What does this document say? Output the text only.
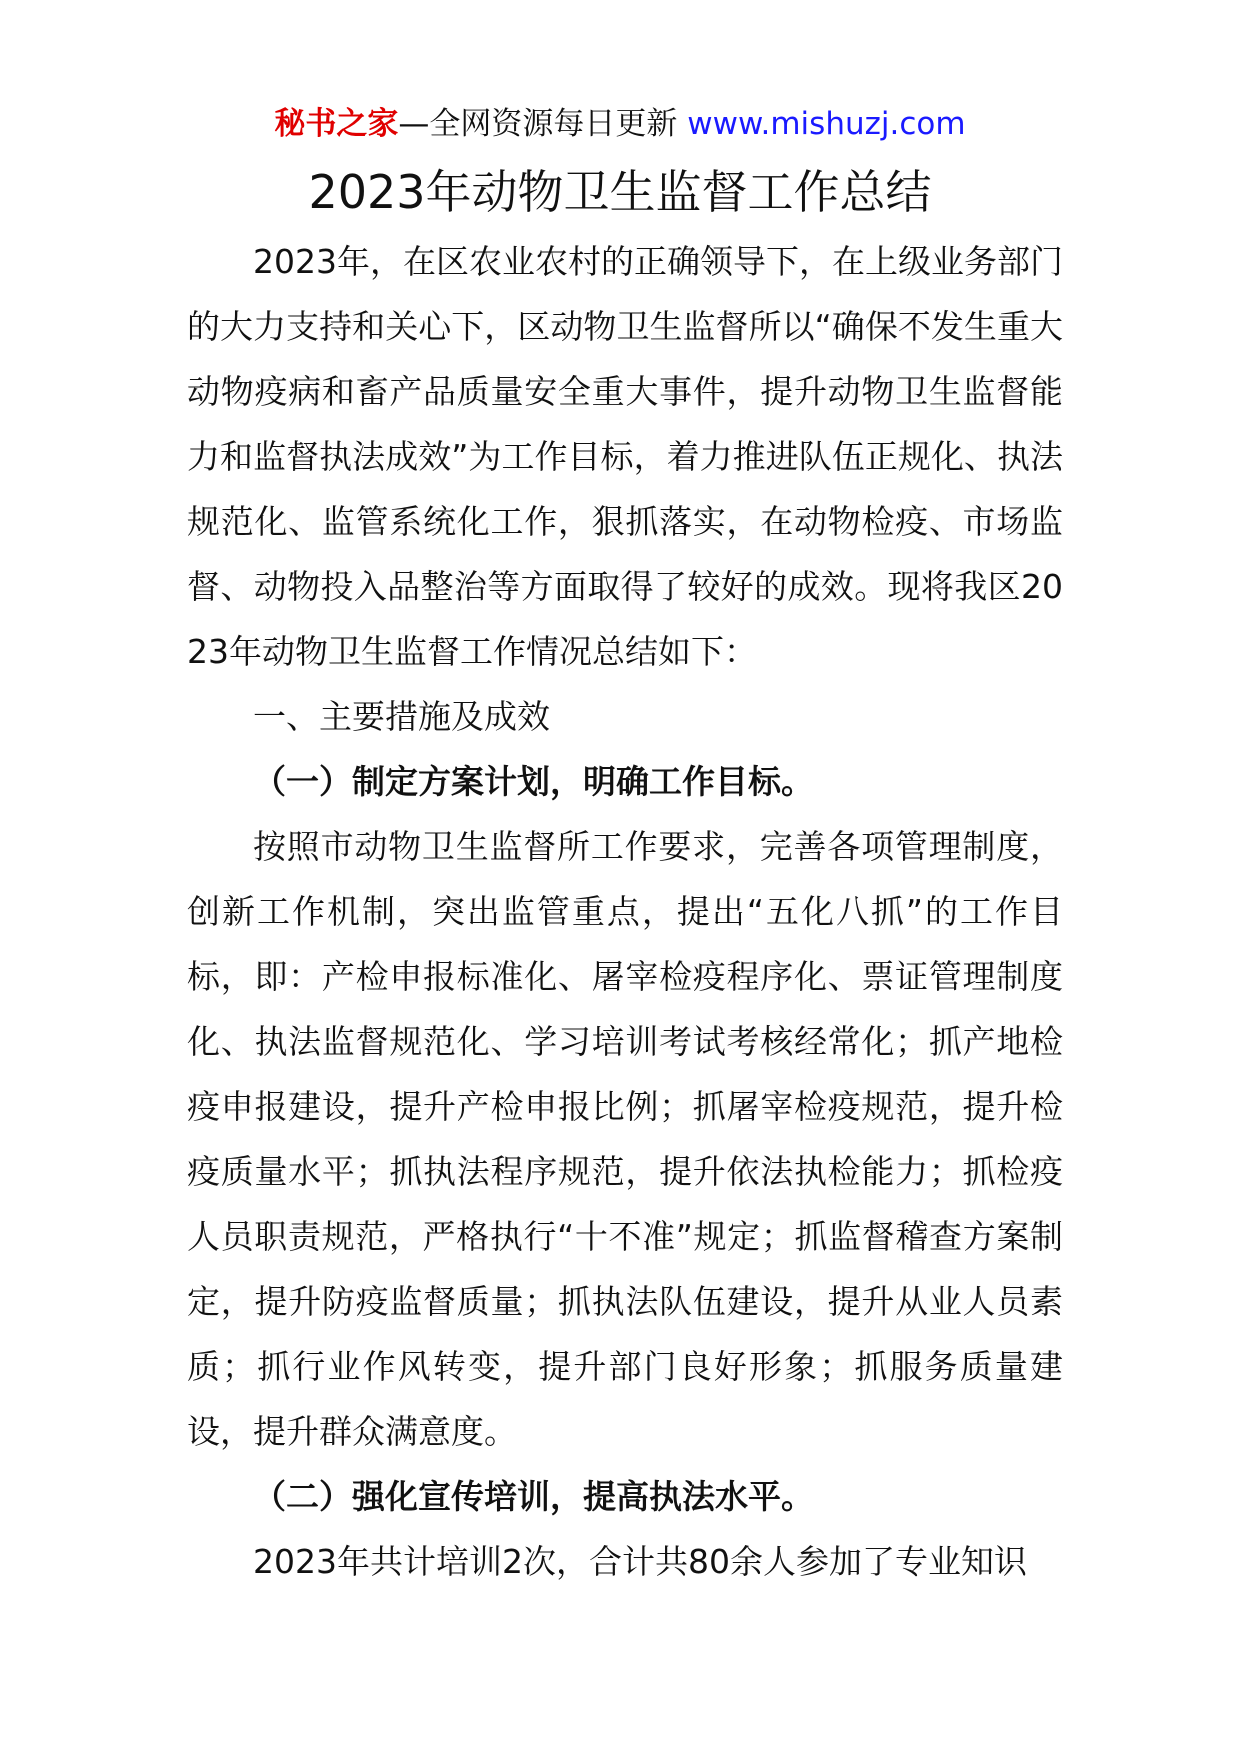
秘书之家—全网资源每日更新 www.mishuzj.com
2023年动物卫生监督工作总结

2023年，在区农业农村的正确领导下，在上级业务部门的大力支持和关心下，区动物卫生监督所以“确保不发生重大动物疫病和畜产品质量安全重大事件，提升动物卫生监督能力和监督执法成效”为工作目标，着力推进队伍正规化、执法规范化、监管系统化工作，狠抓落实，在动物检疫、市场监督、动物投入品整治等方面取得了较好的成效。现将我区2023年动物卫生监督工作情况总结如下：

一、主要措施及成效

（一）制定方案计划，明确工作目标。

按照市动物卫生监督所工作要求，完善各项管理制度，创新工作机制，突出监管重点，提出“五化八抓”的工作目标，即：产检申报标准化、屠宰检疫程序化、票证管理制度化、执法监督规范化、学习培训考试考核经常化；抓产地检疫申报建设，提升产检申报比例；抓屠宰检疫规范，提升检疫质量水平；抓执法程序规范，提升依法执检能力；抓检疫人员职责规范，严格执行“十不准”规定；抓监督稽查方案制定，提升防疫监督质量；抓执法队伍建设，提升从业人员素质；抓行业作风转变，提升部门良好形象；抓服务质量建设，提升群众满意度。

（二）强化宣传培训，提高执法水平。

2023年共计培训2次，合计共80余人参加了专业知识
